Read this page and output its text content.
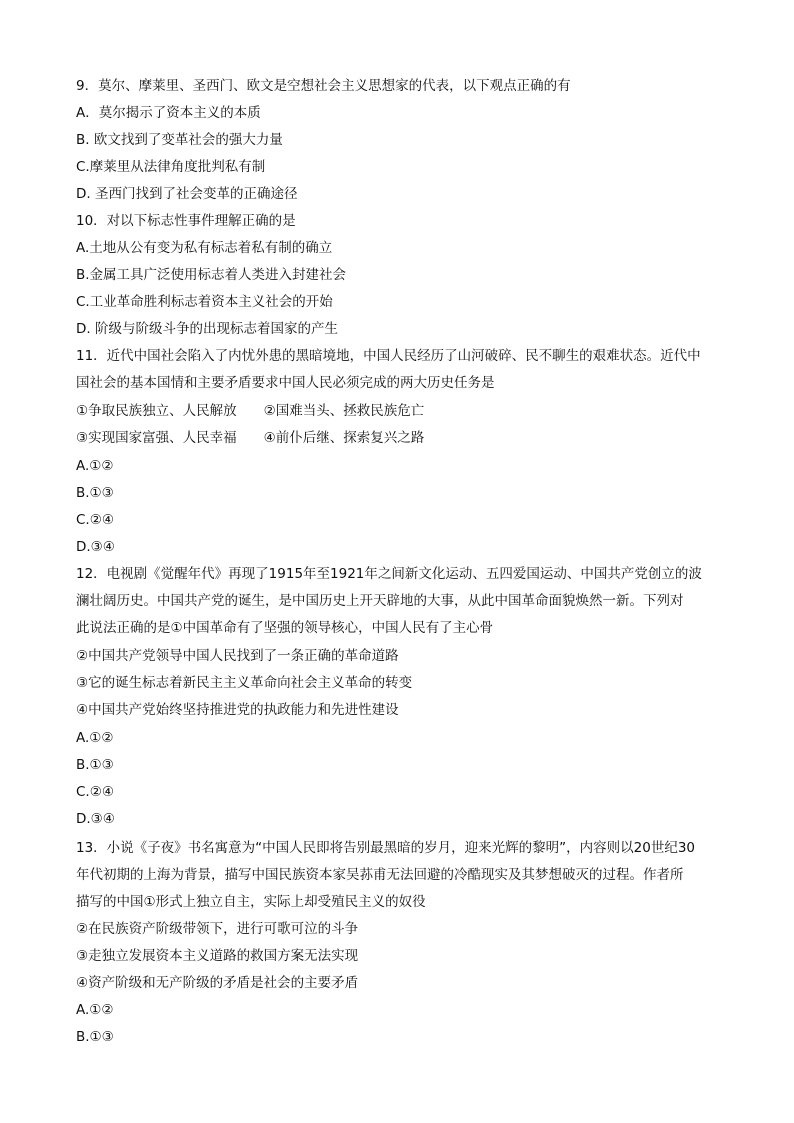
9．莫尔、摩莱里、圣西门、欧文是空想社会主义思想家的代表，以下观点正确的有

A．莫尔揭示了资本主义的本质

B. 欧文找到了变革社会的强大力量

C.摩莱里从法律角度批判私有制

D. 圣西门找到了社会变革的正确途径

10．对以下标志性事件理解正确的是

A.土地从公有变为私有标志着私有制的确立

B.金属工具广泛使用标志着人类进入封建社会

C.工业革命胜利标志着资本主义社会的开始

D. 阶级与阶级斗争的出现标志着国家的产生

11．近代中国社会陷入了内忧外患的黑暗境地，中国人民经历了山河破碎、民不聊生的艰难状态。近代中

国社会的基本国情和主要矛盾要求中国人民必须完成的两大历史任务是

①争取民族独立、人民解放　　②国难当头、拯救民族危亡

③实现国家富强、人民幸福　　④前仆后继、探索复兴之路

A.①②

B.①③

C.②④

D.③④

12．电视剧《觉醒年代》再现了1915年至1921年之间新文化运动、五四爱国运动、中国共产党创立的波

澜壮阔历史。中国共产党的诞生，是中国历史上开天辟地的大事，从此中国革命面貌焕然一新。下列对

此说法正确的是①中国革命有了坚强的领导核心，中国人民有了主心骨

②中国共产党领导中国人民找到了一条正确的革命道路

③它的诞生标志着新民主主义革命向社会主义革命的转变

④中国共产党始终坚持推进党的执政能力和先进性建设

A.①②

B.①③

C.②④

D.③④

13．小说《子夜》书名寓意为“中国人民即将告别最黑暗的岁月，迎来光辉的黎明”，内容则以20世纪30

年代初期的上海为背景，描写中国民族资本家吴荪甫无法回避的冷酷现实及其梦想破灭的过程。作者所

描写的中国①形式上独立自主，实际上却受殖民主义的奴役

②在民族资产阶级带领下，进行可歌可泣的斗争

③走独立发展资本主义道路的救国方案无法实现

④资产阶级和无产阶级的矛盾是社会的主要矛盾

A.①②

B.①③
